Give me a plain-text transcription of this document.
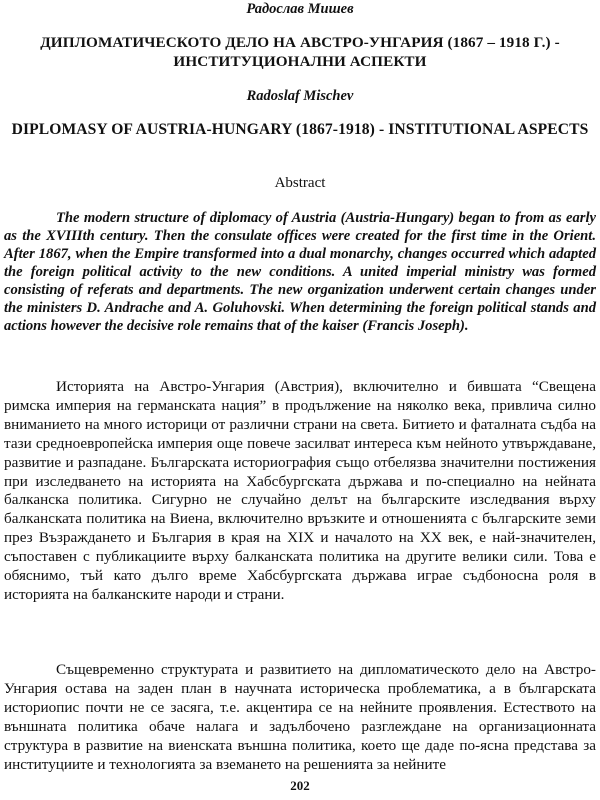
Радослав Мишев
ДИПЛОМАТИЧЕСКОТО ДЕЛО НА АВСТРО-УНГАРИЯ (1867 – 1918 Г.) - ИНСТИТУЦИОНАЛНИ АСПЕКТИ
Radoslaf Mischev
DIPLOMASY OF AUSTRIA-HUNGARY (1867-1918) - INSTITUTIONAL ASPECTS
Abstract

The modern structure of diplomacy of Austria (Austria-Hungary) began to from as early as the XVIIIth century. Then the consulate offices were created for the first time in the Orient. After 1867, when the Empire transformed into a dual monarchy, changes occurred which adapted the foreign political activity to the new conditions. A united imperial ministry was formed consisting of referats and departments. The new organization underwent certain changes under the ministers D. Andrache and A. Goluhovski. When determining the foreign political stands and actions however the decisive role remains that of the kaiser (Francis Joseph).

Историята на Австро-Унгария (Австрия), включително и бившата “Свещена римска империя на германската нация” в продължение на няколко века, привлича силно вниманието на много историци от различни страни на света. Битието и фаталната съдба на тази средноевропейска империя още повече засилват интереса към нейното утвърждаване, развитие и разпадане. Българската историография също отбелязва значителни постижения при изследването на историята на Хабсбургската държава и по-специално на нейната балканска политика. Сигурно не случайно делът на българските изследвания върху балканската политика на Виена, включително връзките и отношенията с българските земи през Възраждането и България в края на XIX и началото на XX век, е най-значителен, съпоставен с публикациите върху балканската политика на другите велики сили. Това е обяснимо, тъй като дълго време Хабсбургската държава играе съдбоносна роля в историята на балканските народи и страни.

Същевременно структурата и развитието на дипломатическото дело на Австро-Унгария остава на заден план в научната историческа проблематика, а в българската историопис почти не се засяга, т.е. акцентира се на нейните проявления. Естеството на външната политика обаче налага и задълбочено разглеждане на организационната структура в развитие на виенската външна политика, което ще даде по-ясна представа за институциите и технологията за вземането на решенията за нейните

202
